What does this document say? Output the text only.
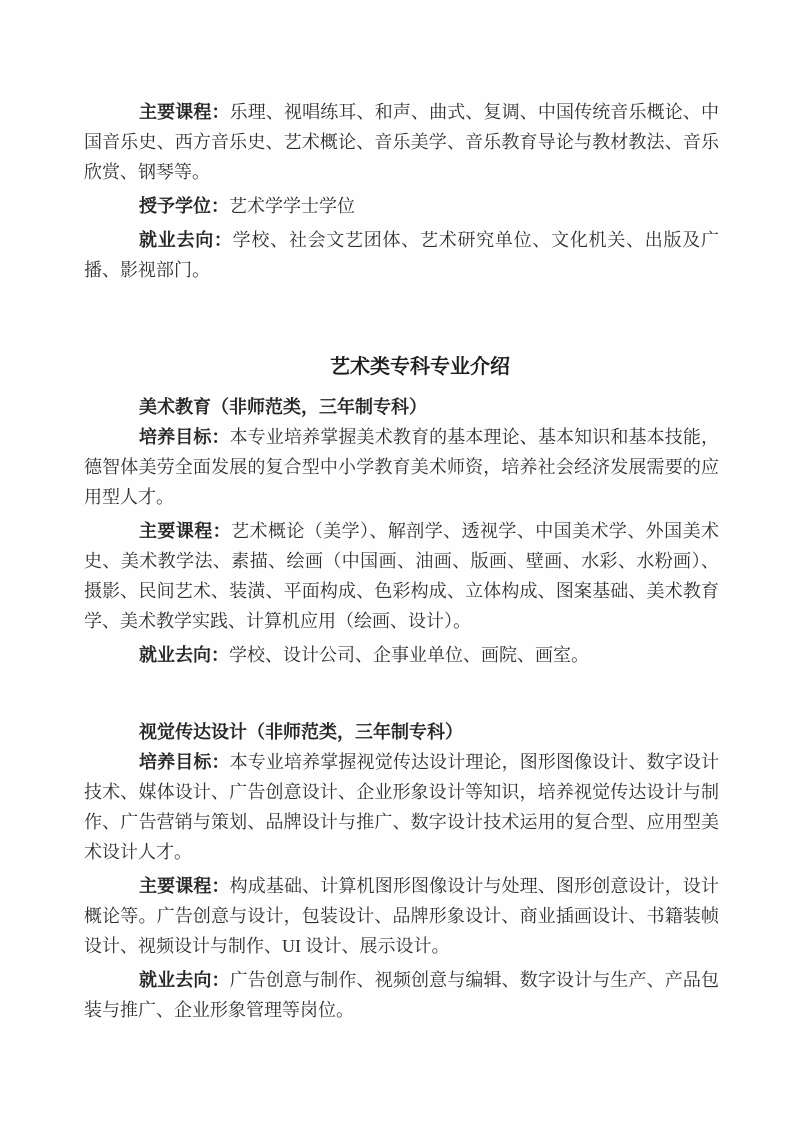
主要课程：乐理、视唱练耳、和声、曲式、复调、中国传统音乐概论、中国音乐史、西方音乐史、艺术概论、音乐美学、音乐教育导论与教材教法、音乐欣赏、钢琴等。

授予学位：艺术学学士学位

就业去向：学校、社会文艺团体、艺术研究单位、文化机关、出版及广播、影视部门。

艺术类专科专业介绍
美术教育（非师范类，三年制专科）

培养目标：本专业培养掌握美术教育的基本理论、基本知识和基本技能，德智体美劳全面发展的复合型中小学教育美术师资，培养社会经济发展需要的应用型人才。

主要课程：艺术概论（美学）、解剖学、透视学、中国美术学、外国美术史、美术教学法、素描、绘画（中国画、油画、版画、壁画、水彩、水粉画）、摄影、民间艺术、装潢、平面构成、色彩构成、立体构成、图案基础、美术教育学、美术教学实践、计算机应用（绘画、设计）。

就业去向：学校、设计公司、企事业单位、画院、画室。

视觉传达设计（非师范类，三年制专科）

培养目标：本专业培养掌握视觉传达设计理论，图形图像设计、数字设计技术、媒体设计、广告创意设计、企业形象设计等知识，培养视觉传达设计与制作、广告营销与策划、品牌设计与推广、数字设计技术运用的复合型、应用型美术设计人才。

主要课程：构成基础、计算机图形图像设计与处理、图形创意设计，设计概论等。广告创意与设计，包装设计、品牌形象设计、商业插画设计、书籍装帧设计、视频设计与制作、UI 设计、展示设计。

就业去向：广告创意与制作、视频创意与编辑、数字设计与生产、产品包装与推广、企业形象管理等岗位。
